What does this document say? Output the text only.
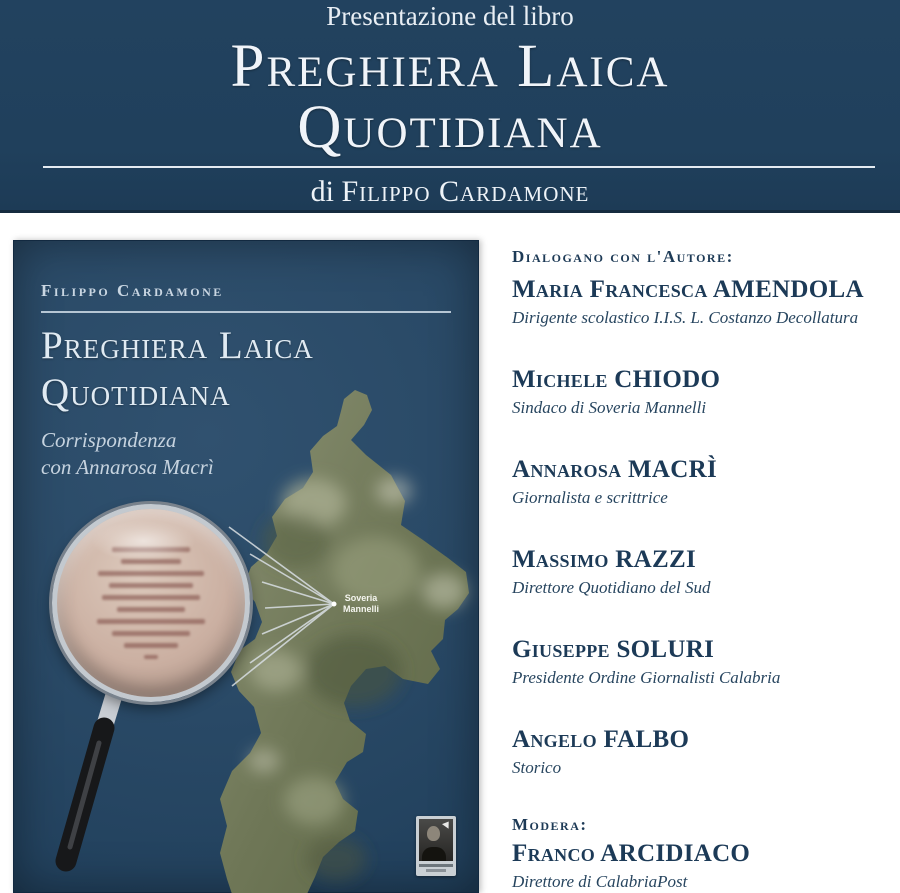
Presentazione del libro
Preghiera Laica
Quotidiana
di Filippo Cardamone
Soveria
Mannelli
Filippo Cardamone
Preghiera Laica
Quotidiana
Corrispondenza
con Annarosa Macrì
Dialogano con l'Autore:
Maria Francesca AMENDOLA
Dirigente scolastico I.I.S. L. Costanzo Decollatura
Michele CHIODO
Sindaco di Soveria Mannelli
Annarosa MACRÌ
Giornalista e scrittrice
Massimo RAZZI
Direttore Quotidiano del Sud
Giuseppe SOLURI
Presidente Ordine Giornalisti Calabria
Angelo FALBO
Storico
Modera:
Franco ARCIDIACO
Direttore di CalabriaPost
